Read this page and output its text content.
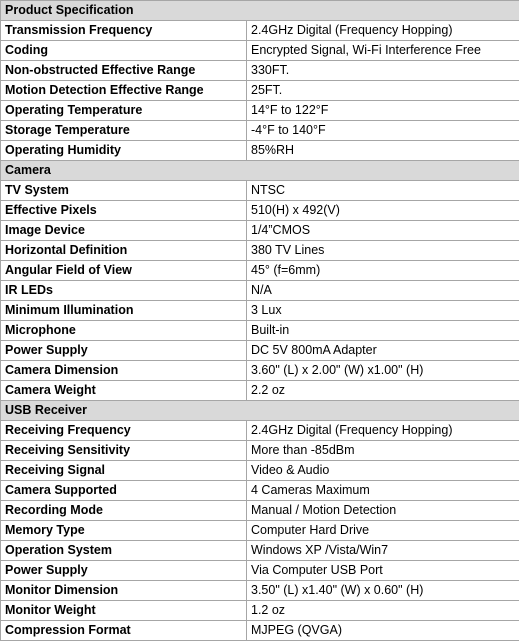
Product Specification	
Transmission Frequency	2.4GHz Digital (Frequency Hopping)
Coding	Encrypted Signal, Wi-Fi Interference Free
Non-obstructed Effective Range	330FT.
Motion Detection Effective Range	25FT.
Operating Temperature	14°F to 122°F
Storage Temperature	-4°F to 140°F
Operating Humidity	85%RH
Camera	
TV System	NTSC
Effective Pixels	510(H) x 492(V)
Image Device	1/4”CMOS
Horizontal Definition	380 TV Lines
Angular Field of View	45° (f=6mm)
IR LEDs	N/A
Minimum Illumination	3 Lux
Microphone	Built-in
Power Supply	DC 5V 800mA Adapter
Camera Dimension	3.60" (L) x 2.00" (W) x1.00" (H)
Camera Weight	2.2 oz
USB Receiver	
Receiving Frequency	2.4GHz Digital (Frequency Hopping)
Receiving Sensitivity	More than -85dBm
Receiving Signal	Video & Audio
Camera Supported	4 Cameras Maximum
Recording Mode	Manual / Motion Detection
Memory Type	Computer Hard Drive
Operation System	Windows XP /Vista/Win7
Power Supply	Via Computer USB Port
Monitor Dimension	3.50" (L) x1.40" (W) x 0.60" (H)
Monitor Weight	1.2 oz
Compression Format	MJPEG (QVGA)
